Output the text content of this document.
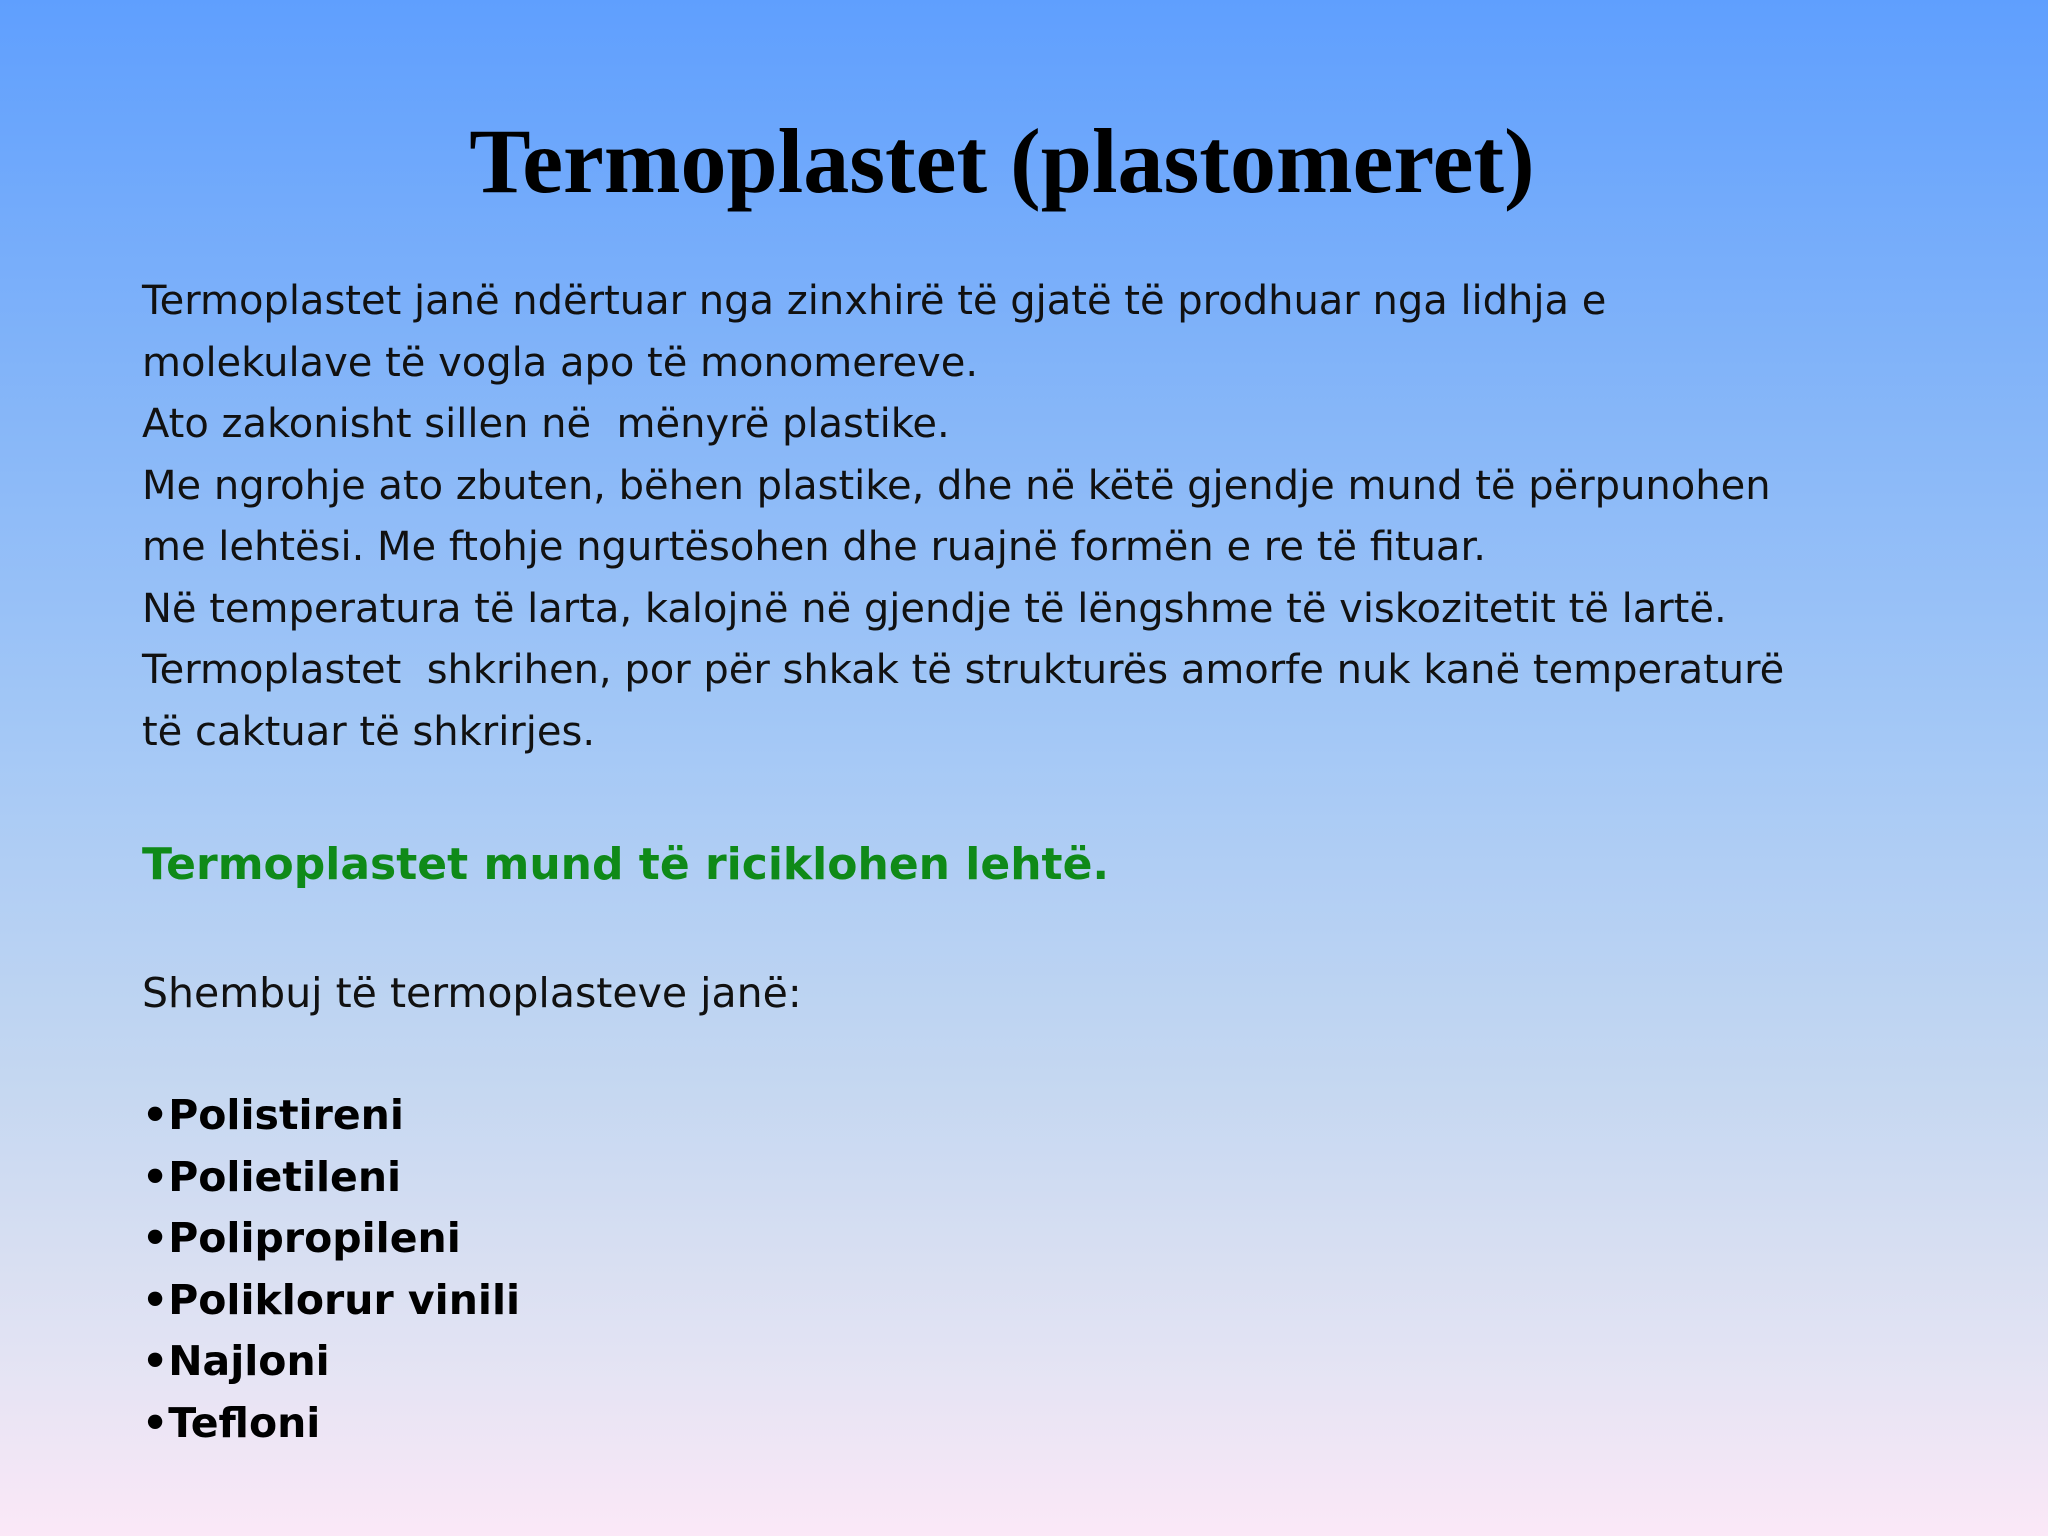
Termoplastet (plastomeret)

Termoplastet janë ndërtuar nga zinxhirë të gjatë të prodhuar nga lidhja e

molekulave të vogla apo të monomereve.

Ato zakonisht sillen në  mënyrë plastike.

Me ngrohje ato zbuten, bëhen plastike, dhe në këtë gjendje mund të përpunohen

me lehtësi. Me ftohje ngurtësohen dhe ruajnë formën e re të fituar.

Në temperatura të larta, kalojnë në gjendje të lëngshme të viskozitetit të lartë.

Termoplastet  shkrihen, por për shkak të strukturës amorfe nuk kanë temperaturë

të caktuar të shkrirjes.

Termoplastet mund të riciklohen lehtë.

Shembuj të termoplasteve janë:

•Polistireni
•Polietileni
•Polipropileni
•Poliklorur vinili
•Najloni
•Tefloni
